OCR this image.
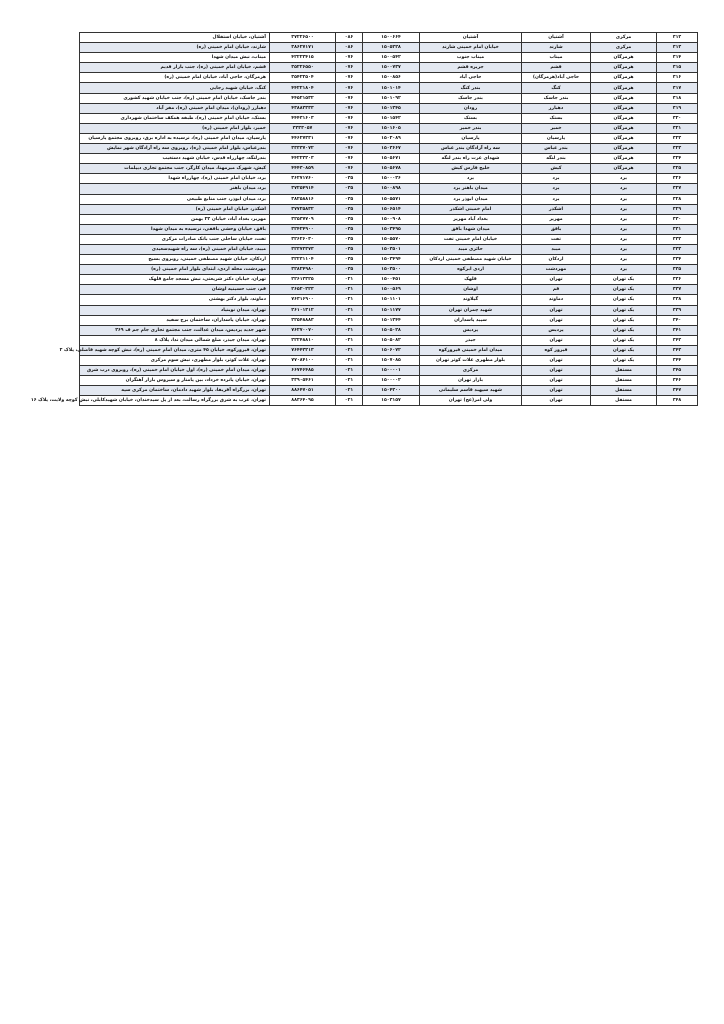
۳۱۲	مرکزی	آشتیان	آشتیان	۱۵۰۰۶۶۴	۰۸۶	۳۷۲۲۶۵۰۰	آشتیان، خیابان استقلال
۳۱۳	مرکزی	شازند	خیابان امام خمینی شازند	۱۵۰۵۲۲۸	۰۸۶	۳۸۶۲۷۱۷۱	شازند، خیابان امام خمینی (ره)
۳۱۴	هرمزگان	میناب	میناب جنوب	۱۵۰۰۵۴۲	۰۷۶	۴۲۲۲۳۴۱۵	میناب، نبش میدان شهدا
۳۱۵	هرمزگان	قشم	جزیره قشم	۱۵۰۰۷۳۷	۰۷۶	۳۵۲۲۶۵۵۰	قشم، خیابان امام خمینی (ره)، جنب بازار قدیم
۳۱۶	هرمزگان	حاجی آباد(هرمزگان)	حاجی آباد	۱۵۰۰۸۵۶	۰۷۶	۳۵۴۲۲۵۰۴	هرمزگان، حاجی آباد، خیابان امام خمینی (ره)
۳۱۷	هرمزگان	کنگ	بندر کنگ	۱۵۰۱۰۱۴	۰۷۶	۴۴۲۲۱۸۰۴	کنگ، خیابان شهید رجایی
۳۱۸	هرمزگان	بندر جاسک	بندر جاسک	۱۵۰۱۰۹۲	۰۷۶	۴۴۵۲۱۵۳۲	بندر جاسک، خیابان امام خمینی (ره)، جنب خیابان شهید کشوری
۳۱۹	هرمزگان	دهبارز	رودان	۱۵۰۱۳۴۵	۰۷۶	۴۳۸۸۳۳۳۳	دهبارز (رودان)، میدان امام خمینی (ره)، مقر آباد
۳۲۰	هرمزگان	بستک	بستک	۱۵۰۱۵۴۲	۰۷۶	۴۴۴۳۱۶۰۳	بستک، خیابان امام خمینی (ره)، طبقه همکف ساختمان شهرداری
۳۲۱	هرمزگان	خمیر	بندر خمیر	۱۵۰۱۶۰۵	۰۷۶	۳۳۳۳۰۵۷	خمیر، بلوار امام خمینی (ره)
۳۲۲	هرمزگان	پارسیان	پارسیان	۱۵۰۲۰۸۹	۰۷۶	۴۴۶۲۷۳۳۱	پارسیان، میدان امام خمینی (ره)، نرسیده به اداره برق، روبروی مجتمع پارسیان
۳۲۳	هرمزگان	بندر عباس	سه راه آزادگان بندر عباس	۱۵۰۳۶۶۷	۰۷۶	۳۳۳۳۷۰۷۲	بندرعباس، بلوار امام خمینی (ره)، روبروی سه راه آزادگان شهر نمایش
۳۲۴	هرمزگان	بندر لنگه	شهدای عزت راه بندر لنگه	۱۵۰۵۶۷۱	۰۷۶	۴۴۲۲۳۲۰۳	بندرلنگه، چهارراه قدس، خیابان شهید دستغیب
۳۲۵	هرمزگان	کیش	خلیج فارس کیش	۱۵۰۵۶۷۸	۰۷۶	۴۴۴۳۰۸۵۹	کیش، شهرک میرمهنا، میدان کارگر، جنب مجتمع تجاری دیپلمات
۳۲۶	یزد	یزد	یزد	۱۵۰۰۰۲۶	۰۳۵	۳۶۲۷۱۷۶۰	یزد، خیابان امام خمینی (ره)، چهارراه شهدا
۳۲۷	یزد	یزد	میدان باهنر یزد	۱۵۰۰۸۹۸	۰۳۵	۳۷۲۵۴۹۱۴	یزد، میدان باهنر
۳۲۸	یزد	یزد	میدان ابوذر یزد	۱۵۰۵۵۷۱	۰۳۵	۳۸۲۵۸۸۱۶	یزد، میدان ابوذر، جنب منابع طبیعی
۳۲۹	یزد	اشکذر	امام خمینی اشکذر	۱۵۰۶۵۱۴	۰۳۵	۳۷۷۲۵۸۳۲	اشکذر، خیابان امام خمینی (ره)
۳۳۰	یزد	مهریز	بغداد آباد مهریز	۱۵۰۰۹۰۸	۰۳۵	۳۲۵۳۷۷۰۹	مهریز، بغداد آباد، خیابان ۲۲ بهمن
۳۳۱	یزد	بافق	میدان شهدا بافق	۱۵۰۳۴۹۵	۰۳۵	۳۲۴۲۴۹۰۰	بافق، خیابان وحشی بافقی، نرسیده به میدان شهدا
۳۳۲	یزد	تفت	خیابان امام خمینی تفت	۱۵۰۵۵۷۰	۰۳۵	۳۲۶۲۶۰۳۰	تفت، خیابان ساحلی جنب بانک صادرات مرکزی
۳۳۳	یزد	میبد	حائری میبد	۱۵۰۳۵۰۱	۰۳۵	۳۲۳۷۲۳۷۳	میبد، خیابان امام خمینی (ره)، سه راه شهیدسعیدی
۳۳۴	یزد	اردکان	خیابان شهید مصطفی خمینی اردکان	۱۵۰۳۴۹۴	۰۳۵	۳۲۲۳۱۱۰۴	اردکان، خیابان شهید مصطفی خمینی، روبروی بسیج
۳۳۵	یزد	مهردشت	اردی ابرکوه	۱۵۰۳۵۰۰	۰۳۵	۳۲۸۲۴۹۸۰	مهردشت، محله اردی، ابتدای بلوار امام خمینی (ره)
۳۳۶	یک تهران	تهران	قلهک	۱۵۰۰۴۵۱	۰۲۱	۲۲۶۱۳۳۲۵	تهران، خیابان دکتر شریعتی، نبش مسجد جامع قلهک
۳۳۷	یک تهران	قم	اوشان	۱۵۰۰۵۶۹	۰۲۱	۲۶۵۲۰۲۲۳	قم، جنب حسینیه اوشان
۳۳۸	یک تهران	دماوند	گیلاوند	۱۵۰۱۱۰۱	۰۲۱	۷۶۳۱۶۹۰۰	دماوند، بلوار دکتر بهشتی
۳۳۹	یک تهران	تهران	شهید چمران تهران	۱۵۰۱۱۷۷	۰۲۱	۲۶۱۰۱۳۱۲	تهران، میدان نوبنیاد
۳۴۰	یک تهران	تهران	سپید پاسداران	۱۵۰۱۳۴۴	۰۲۱	۲۲۵۴۸۸۸۳	تهران، خیابان پاسداران، ساختمان برج سفید
۳۴۱	یک تهران	پردیس	پردیس	۱۵۰۵۰۲۸	۰۲۱	۷۶۲۷۰۰۷۰	شهر جدید پردیس، میدان عدالت، جنب مجتمع تجاری جام جم ف ۲۶۹
۳۴۲	یک تهران	تهران	جیذر	۱۵۰۵۰۸۲	۰۲۱	۲۲۲۴۸۸۱۰	تهران، میدان جیذر، ضلع شمالی میدان ندا، پلاک ۸
۳۴۳	یک تهران	فیروز کوه	میدان امام خمینی فیروزکوه	۱۵۰۶۰۷۲	۰۲۱	۷۶۴۴۳۲۱۳	تهران، فیروزکوه، خیابان ۴۵ متری، میدان امام خمینی (ره)، نبش کوچه شهید فاضلی، پلاک ۲
۳۴۴	یک تهران	تهران	بلوار مطهری غلات کوثر تهران	۱۵۰۷۰۸۵	۰۲۱	۷۷۰۸۴۱۰۰	تهران، غلات کوثر، بلوار مطهری، نبش سوم مرکزی
۳۴۵	مستقل	تهران	مرکزی	۱۵۰۰۰۰۱	۰۲۱	۶۶۷۴۶۴۸۵	تهران، میدان امام خمینی (ره)، اول خیابان امام خمینی (ره)، روبروی درب شرق
۳۴۶	مستقل	تهران	بازار تهران	۱۵۰۰۰۰۲	۰۲۱	۳۳۹۰۵۴۶۱	تهران، خیابان پانزده خرداد، بین پامنار و سیروس بازار آهنگران
۳۴۷	مستقل	تهران	شهید سپهبد قاسم سلیمانی	۱۵۰۴۲۰۰	۰۲۱	۸۸۶۴۷۰۵۱	تهران، بزرگراه آفریقا، بلوار شهید دادمان، ساختمان مرکزی سپه
۳۴۸	مستقل	تهران	ولی امر(عج) تهران	۱۵۰۳۱۵۷	۰۲۱	۸۸۳۶۴۰۹۵	تهران، غرب به شرق بزرگراه رسالت، بعد از پل سیدخندان، خیابان شهیدکابلی، نبش کوچه ولایت، پلاک ۱۶
